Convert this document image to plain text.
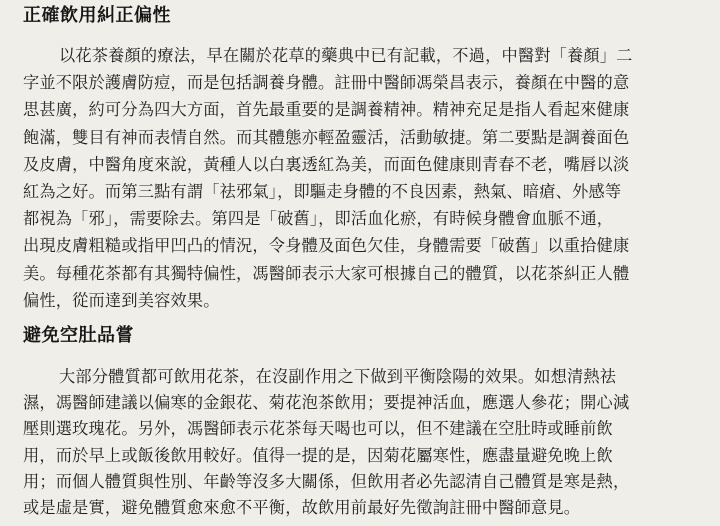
正確飲用糾正偏性
以花茶養顏的療法，早在關於花草的藥典中已有記載，不過，中醫對「養顏」二
字並不限於護膚防痘，而是包括調養身體。註冊中醫師馮榮昌表示，養顏在中醫的意
思甚廣，約可分為四大方面，首先最重要的是調養精神。精神充足是指人看起來健康
飽滿，雙目有神而表情自然。而其體態亦輕盈靈活，活動敏捷。第二要點是調養面色
及皮膚，中醫角度來說，黃種人以白裏透紅為美，而面色健康則青春不老，嘴唇以淡
紅為之好。而第三點有謂「祛邪氣」，即驅走身體的不良因素，熱氣、暗瘡、外感等
都視為「邪」，需要除去。第四是「破舊」，即活血化瘀，有時候身體會血脈不通，
出現皮膚粗糙或指甲凹凸的情況，令身體及面色欠佳，身體需要「破舊」以重拾健康
美。每種花茶都有其獨特偏性，馮醫師表示大家可根據自己的體質，以花茶糾正人體
偏性，從而達到美容效果。
避免空肚品嘗
大部分體質都可飲用花茶，在沒副作用之下做到平衡陰陽的效果。如想清熱祛
濕，馮醫師建議以偏寒的金銀花、菊花泡茶飲用；要提神活血，應選人參花；開心減
壓則選玫瑰花。另外，馮醫師表示花茶每天喝也可以，但不建議在空肚時或睡前飲
用，而於早上或飯後飲用較好。值得一提的是，因菊花屬寒性，應盡量避免晚上飲
用；而個人體質與性別、年齡等沒多大關係，但飲用者必先認清自己體質是寒是熱，
或是虛是實，避免體質愈來愈不平衡，故飲用前最好先徵詢註冊中醫師意見。
